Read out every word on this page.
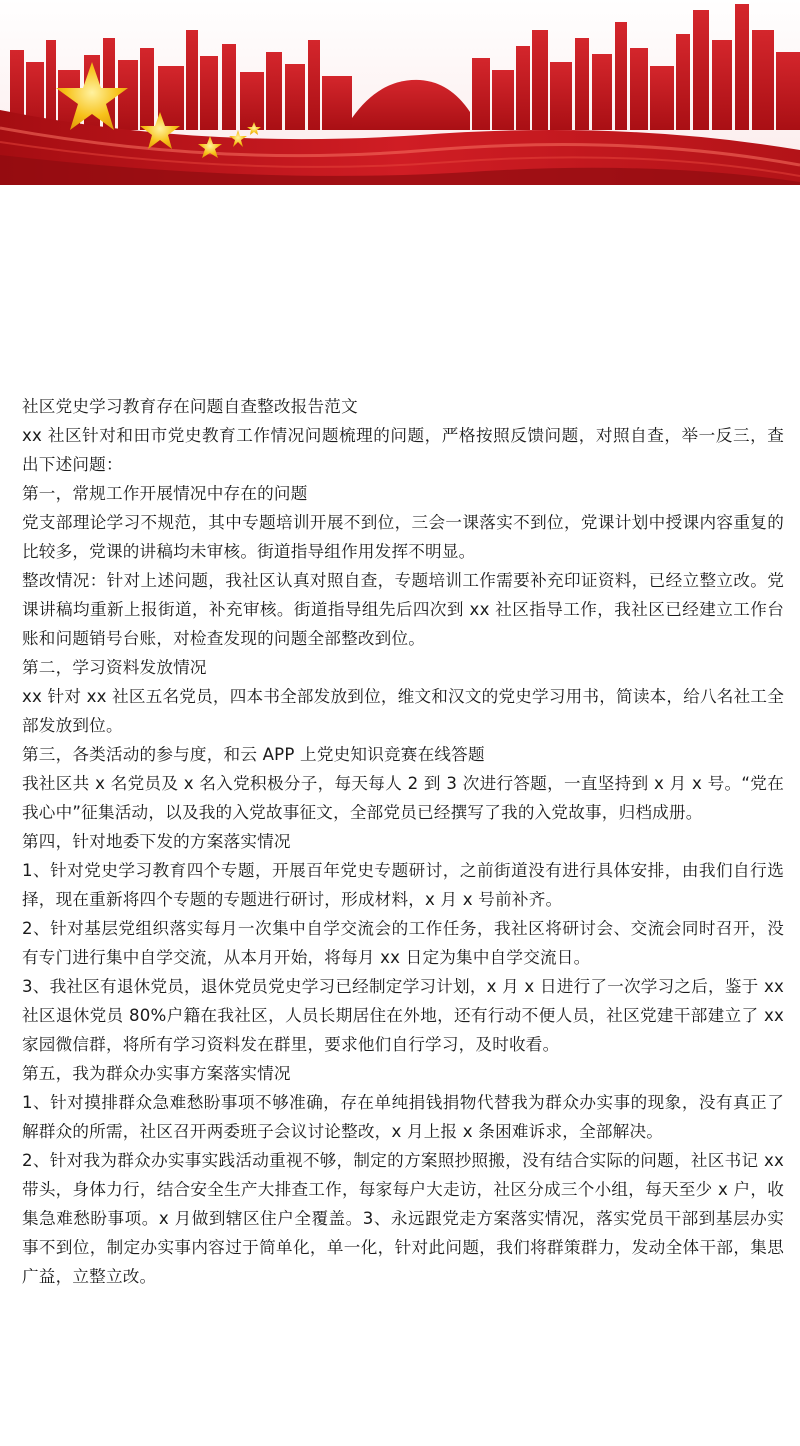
社区党史学习教育存在问题自查整改报告范文

xx 社区针对和田市党史教育工作情况问题梳理的问题，严格按照反馈问题，对照自查，举一反三，查出下述问题：

第一，常规工作开展情况中存在的问题

党支部理论学习不规范，其中专题培训开展不到位，三会一课落实不到位，党课计划中授课内容重复的比较多，党课的讲稿均未审核。街道指导组作用发挥不明显。

整改情况：针对上述问题，我社区认真对照自查，专题培训工作需要补充印证资料，已经立整立改。党课讲稿均重新上报街道，补充审核。街道指导组先后四次到 xx 社区指导工作，我社区已经建立工作台账和问题销号台账，对检查发现的问题全部整改到位。

第二，学习资料发放情况

xx 针对 xx 社区五名党员，四本书全部发放到位，维文和汉文的党史学习用书，简读本，给八名社工全部发放到位。

第三，各类活动的参与度，和云 APP 上党史知识竞赛在线答题

我社区共 x 名党员及 x 名入党积极分子，每天每人 2 到 3 次进行答题，一直坚持到 x 月 x 号。“党在我心中”征集活动，以及我的入党故事征文，全部党员已经撰写了我的入党故事，归档成册。

第四，针对地委下发的方案落实情况

1、针对党史学习教育四个专题，开展百年党史专题研讨，之前街道没有进行具体安排，由我们自行选择，现在重新将四个专题的专题进行研讨，形成材料，x 月 x 号前补齐。

2、针对基层党组织落实每月一次集中自学交流会的工作任务，我社区将研讨会、交流会同时召开，没有专门进行集中自学交流，从本月开始，将每月 xx 日定为集中自学交流日。

3、我社区有退休党员，退休党员党史学习已经制定学习计划，x 月 x 日进行了一次学习之后，鉴于 xx 社区退休党员 80%户籍在我社区，人员长期居住在外地，还有行动不便人员，社区党建干部建立了 xx 家园微信群，将所有学习资料发在群里，要求他们自行学习，及时收看。

第五，我为群众办实事方案落实情况

1、针对摸排群众急难愁盼事项不够准确，存在单纯捐钱捐物代替我为群众办实事的现象，没有真正了解群众的所需，社区召开两委班子会议讨论整改，x 月上报 x 条困难诉求，全部解决。

2、针对我为群众办实事实践活动重视不够，制定的方案照抄照搬，没有结合实际的问题，社区书记 xx 带头，身体力行，结合安全生产大排查工作，每家每户大走访，社区分成三个小组，每天至少 x 户，收集急难愁盼事项。x 月做到辖区住户全覆盖。3、永远跟党走方案落实情况，落实党员干部到基层办实事不到位，制定办实事内容过于简单化，单一化，针对此问题，我们将群策群力，发动全体干部，集思广益，立整立改。
